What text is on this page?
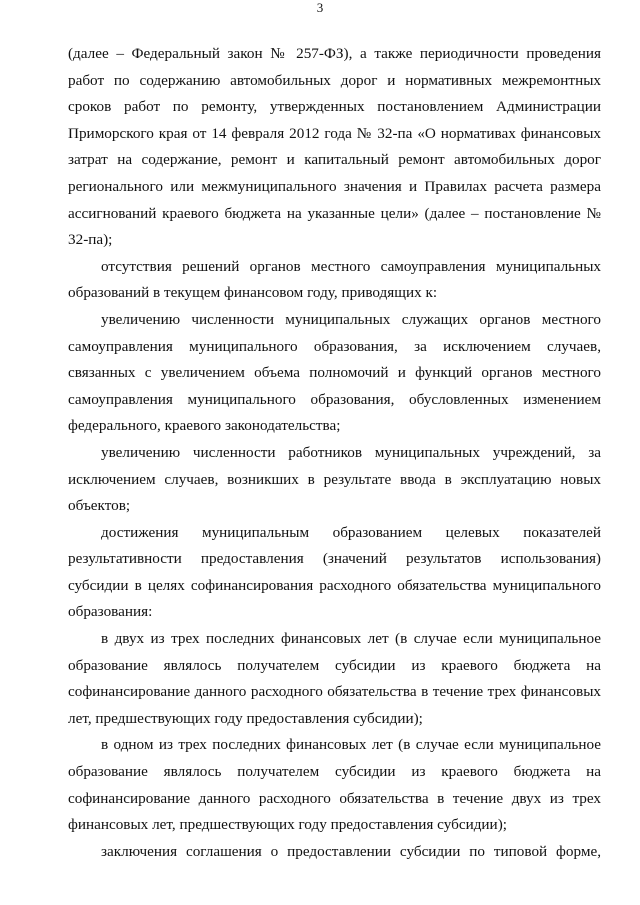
3

(далее – Федеральный закон № 257-ФЗ), а также периодичности проведения работ по содержанию автомобильных дорог и нормативных межремонтных сроков работ по ремонту, утвержденных постановлением Администрации Приморского края от 14 февраля 2012 года № 32-па «О нормативах финансовых затрат на содержание, ремонт и капитальный ремонт автомобильных дорог регионального или межмуниципального значения и Правилах расчета размера ассигнований краевого бюджета на указанные цели» (далее – постановление № 32-па);

отсутствия решений органов местного самоуправления муниципальных образований в текущем финансовом году, приводящих к:

увеличению численности муниципальных служащих органов местного самоуправления муниципального образования, за исключением случаев, связанных с увеличением объема полномочий и функций органов местного самоуправления муниципального образования, обусловленных изменением федерального, краевого законодательства;

увеличению численности работников муниципальных учреждений, за исключением случаев, возникших в результате ввода в эксплуатацию новых объектов;

достижения муниципальным образованием целевых показателей результативности предоставления (значений результатов использования) субсидии в целях софинансирования расходного обязательства муниципального образования:

в двух из трех последних финансовых лет (в случае если муниципальное образование являлось получателем субсидии из краевого бюджета на софинансирование данного расходного обязательства в течение трех финансовых лет, предшествующих году предоставления субсидии);

в одном из трех последних финансовых лет (в случае если муниципальное образование являлось получателем субсидии из краевого бюджета на софинансирование данного расходного обязательства в течение двух из трех финансовых лет, предшествующих году предоставления субсидии);

заключения соглашения о предоставлении субсидии по типовой форме,
